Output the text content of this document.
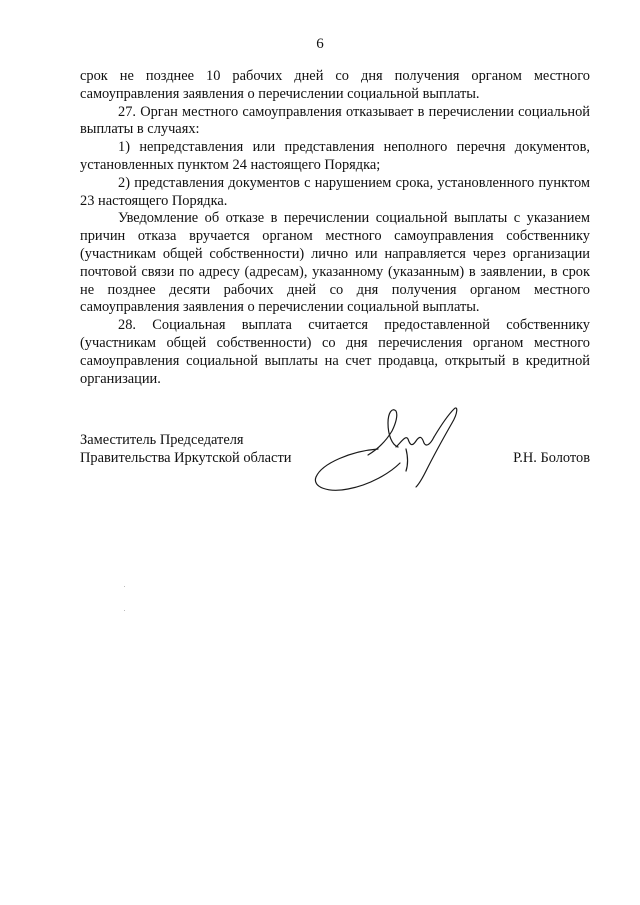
6

срок не позднее 10 рабочих дней со дня получения органом местного самоуправления заявления о перечислении социальной выплаты.

27. Орган местного самоуправления отказывает в перечислении социальной выплаты в случаях:

1) непредставления или представления неполного перечня документов, установленных пунктом 24 настоящего Порядка;

2) представления документов с нарушением срока, установленного пунктом 23 настоящего Порядка.

Уведомление об отказе в перечислении социальной выплаты с указанием причин отказа вручается органом местного самоуправления собственнику (участникам общей собственности) лично или направляется через организации почтовой связи по адресу (адресам), указанному (указанным) в заявлении, в срок не позднее десяти рабочих дней со дня получения органом местного самоуправления заявления о перечислении социальной выплаты.

28. Социальная выплата считается предоставленной собственнику (участникам общей собственности) со дня перечисления органом местного самоуправления социальной выплаты на счет продавца, открытый в кредитной организации.

Заместитель Председателя
Правительства Иркутской области	Р.Н. Болотов
